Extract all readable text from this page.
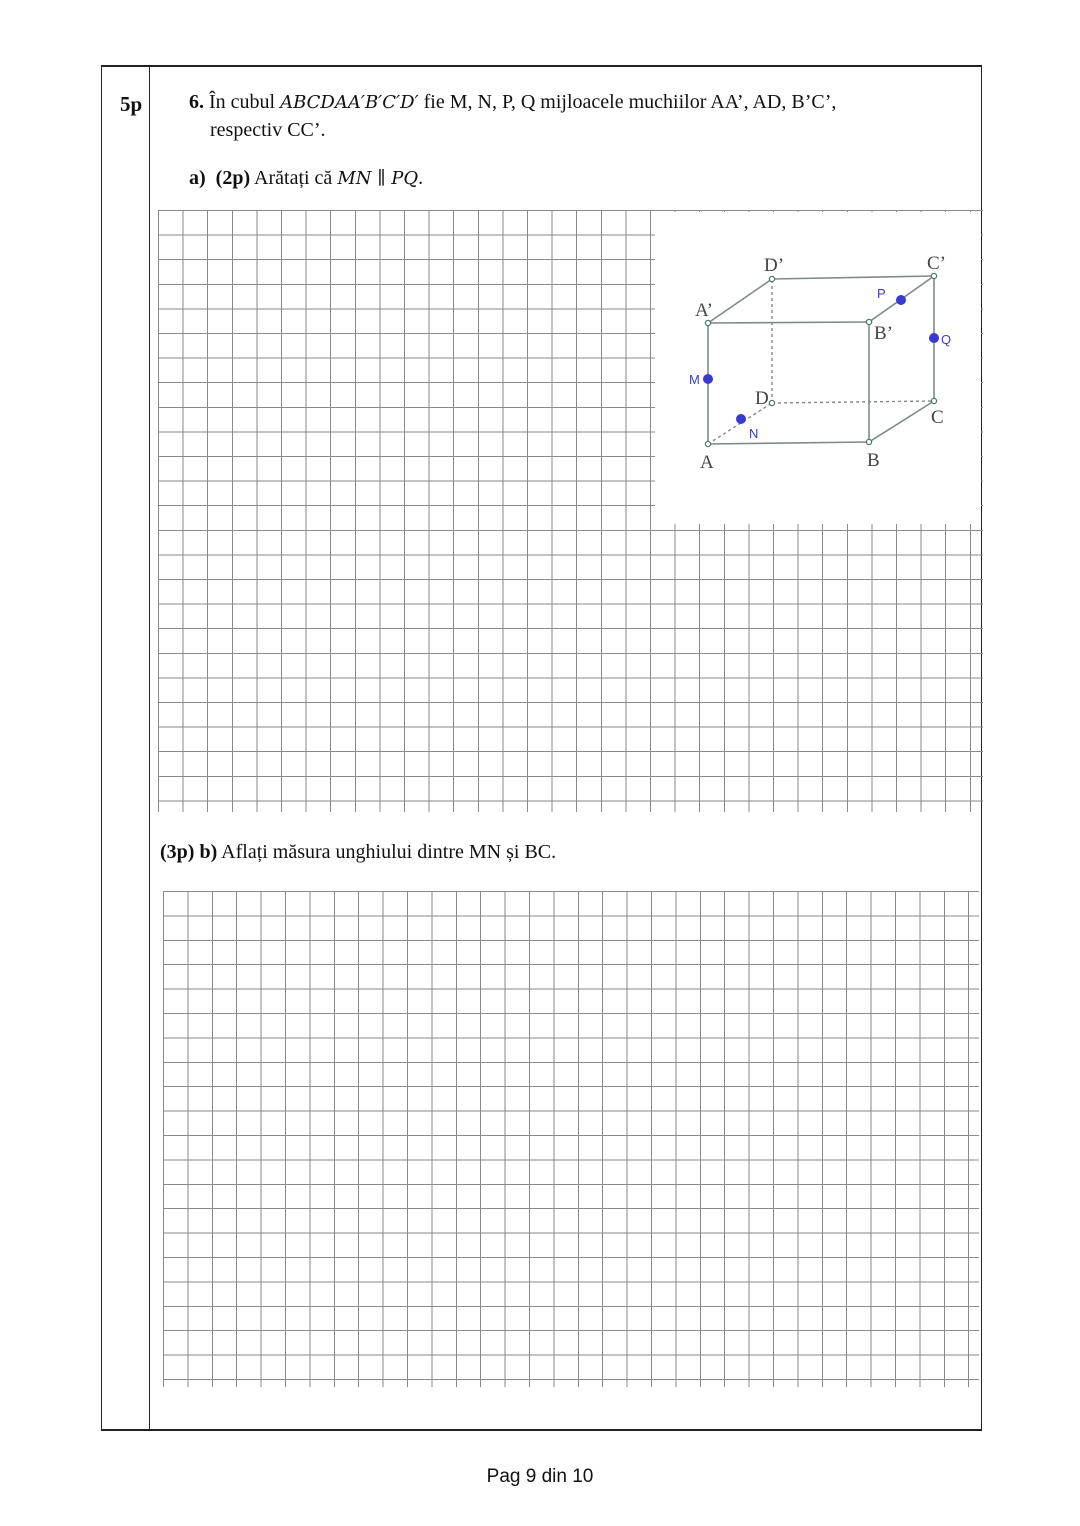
5p 6. În cubul ABCDAA′B′C′D′ fie M, N, P, Q mijloacele muchiilor AA’, AD, B’C’,
respectiv CC’.
a) (2p) Arătați că MN ∥ PQ.
A	B
C
D
A’
B’
C’
D’
M
N
P
Q
(3p) b) Aflați măsura unghiului dintre MN și BC.
Pag 9 din 10
